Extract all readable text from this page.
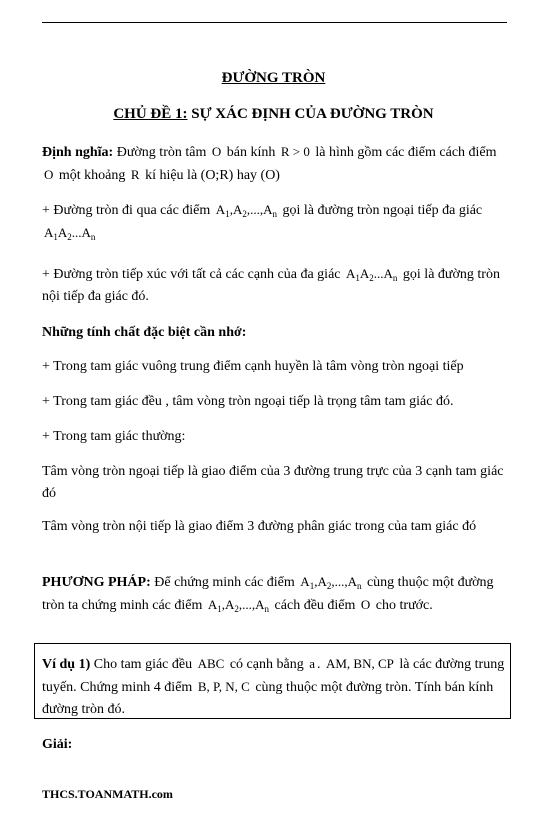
ĐƯỜNG TRÒN
CHỦ ĐỀ 1: SỰ XÁC ĐỊNH CỦA ĐƯỜNG TRÒN
Định nghĩa: Đường tròn tâm O bán kính R > 0 là hình gồm các điểm cách điểm O một khoảng R kí hiệu là (O;R) hay (O)
+ Đường tròn đi qua các điểm $A_1,A_2,...,A_n$ gọi là đường tròn ngoại tiếp đa giác $A_1A_2...A_n$
+ Đường tròn tiếp xúc với tất cả các cạnh của đa giác $A_1A_2...A_n$ gọi là đường tròn nội tiếp đa giác đó.
Những tính chất đặc biệt cần nhớ:
+ Trong tam giác vuông trung điểm cạnh huyền là tâm vòng tròn ngoại tiếp
+ Trong tam giác đều , tâm vòng tròn ngoại tiếp là trọng tâm tam giác đó.
+ Trong tam giác thường:
Tâm vòng tròn ngoại tiếp là giao điểm của 3 đường trung trực của 3 cạnh tam giác đó
Tâm vòng tròn nội tiếp là giao điểm 3 đường phân giác trong của tam giác đó
PHƯƠNG PHÁP: Để chứng minh các điểm $A_1,A_2,...,A_n$ cùng thuộc một đường tròn ta chứng minh các điểm $A_1,A_2,...,A_n$ cách đều điểm O cho trước.
Ví dụ 1) Cho tam giác đều ABC có cạnh bằng a . AM, BN, CP là các đường trung tuyến. Chứng minh 4 điểm B, P, N, C cùng thuộc một đường tròn. Tính bán kính đường tròn đó.
Giải:
THCS.TOANMATH.com
